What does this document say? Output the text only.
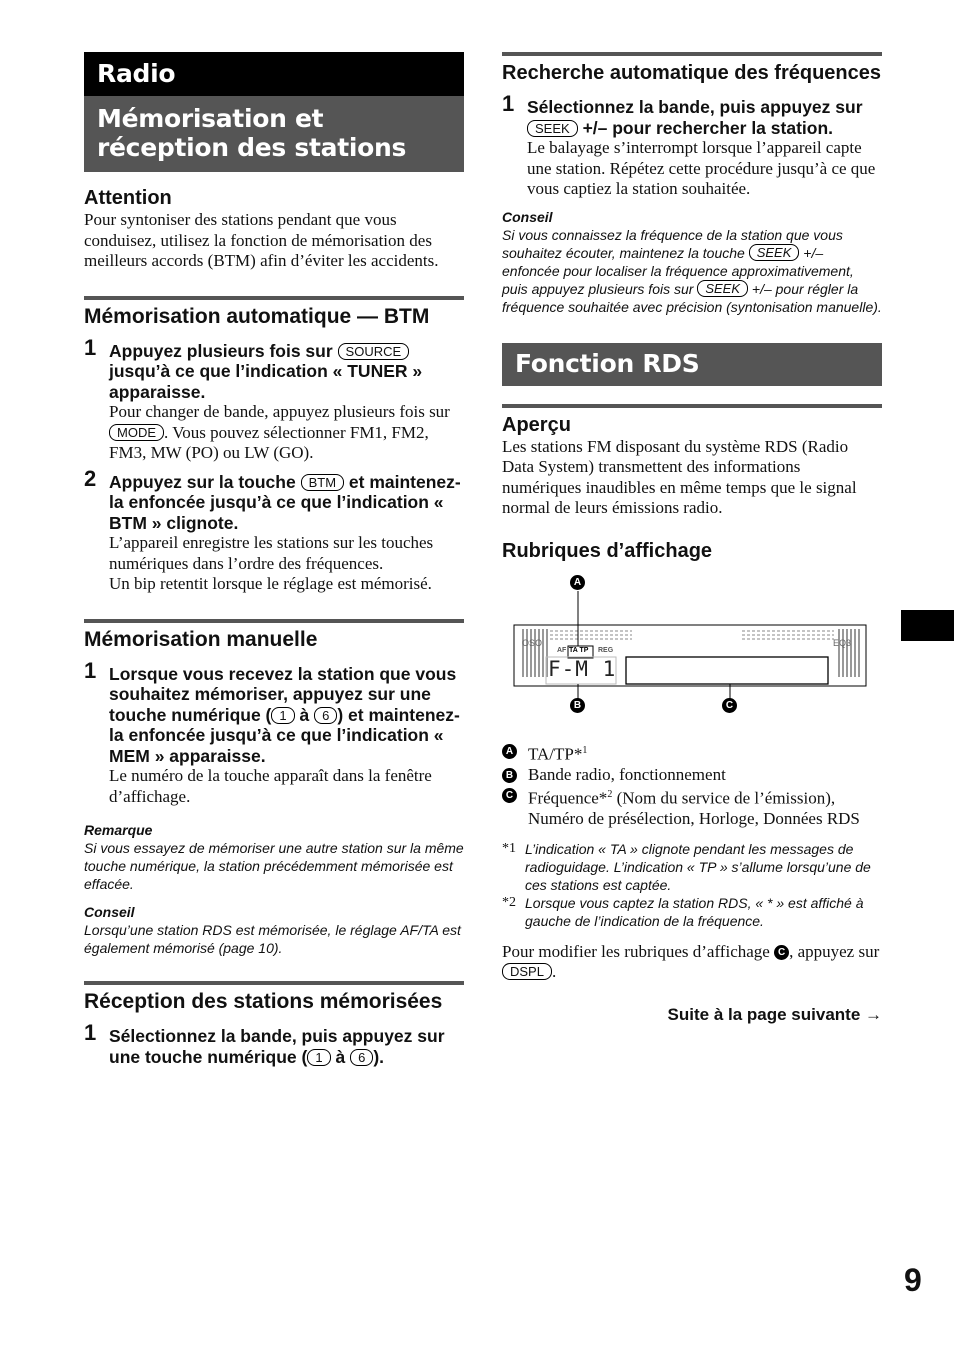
Radio
Mémorisation et réception des stations
Attention

Pour syntoniser des stations pendant que vous conduisez, utilisez la fonction de mémorisation des meilleurs accords (BTM) afin d’éviter les accidents.

Mémorisation automatique — BTM
1 Appuyez plusieurs fois sur SOURCE jusqu’à ce que l’indication « TUNER » apparaisse.
Pour changer de bande, appuyez plusieurs fois sur MODE . Vous pouvez sélectionner FM1, FM2, FM3, MW (PO) ou LW (GO).
2 Appuyez sur la touche BTM et maintenez-la enfoncée jusqu’à ce que l’indication « BTM » clignote.
L’appareil enregistre les stations sur les touches numériques dans l’ordre des fréquences.
Un bip retentit lorsque le réglage est mémorisé.
Mémorisation manuelle
1 Lorsque vous recevez la station que vous souhaitez mémoriser, appuyez sur une touche numérique ( 1 à 6 ) et maintenez-la enfoncée jusqu’à ce que l’indication « MEM » apparaisse.
Le numéro de la touche apparaît dans la fenêtre d’affichage.
Remarque
Si vous essayez de mémoriser une autre station sur la même touche numérique, la station précédemment mémorisée est effacée.
Conseil
Lorsqu’une station RDS est mémorisée, le réglage AF/TA est également mémorisé (page 10).
Réception des stations mémorisées
1 Sélectionnez la bande, puis appuyez sur une touche numérique ( 1 à 6 ).
Recherche automatique des fréquences
1 Sélectionnez la bande, puis appuyez sur SEEK +/– pour rechercher la station.
Le balayage s’interrompt lorsque l’appareil capte une station. Répétez cette procédure jusqu’à ce que vous captiez la station souhaitée.
Conseil
Si vous connaissez la fréquence de la station que vous souhaitez écouter, maintenez la touche SEEK +/– enfoncée pour localiser la fréquence approximativement, puis appuyez plusieurs fois sur SEEK +/– pour régler la fréquence souhaitée avec précision (syntonisation manuelle).
Fonction RDS
Aperçu

Les stations FM disposant du système RDS (Radio Data System) transmettent des informations numériques inaudibles en même temps que le signal normal de leurs émissions radio.

Rubriques d’affichage
OSO
AF TA TP REG
EQ3
F-M 1
A
B	C
A TA/TP*$^1$
B Bande radio, fonctionnement
C Fréquence*$^2$ (Nom du service de l’émission), Numéro de présélection, Horloge, Données RDS
*1 L’indication « TA » clignote pendant les messages de radioguidage. L’indication « TP » s’allume lorsqu’une de ces stations est captée.
*2 Lorsque vous captez la station RDS, « * » est affiché à gauche de l’indication de la fréquence.

Pour modifier les rubriques d’affichage C , appuyez sur DSPL .

Suite à la page suivante →
9
